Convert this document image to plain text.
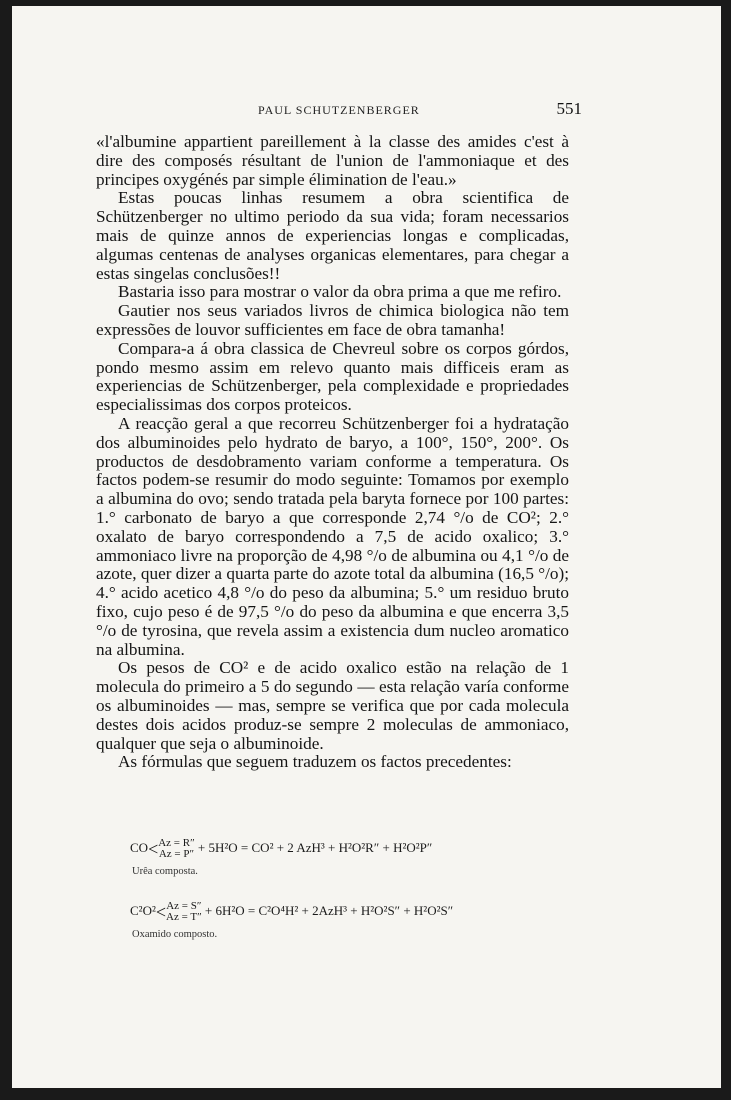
PAUL SCHUTZENBERGER	551

«l'albumine appartient pareillement à la classe des amides c'est à dire des composés résultant de l'union de l'ammoniaque et des principes oxygénés par simple élimination de l'eau.»

Estas poucas linhas resumem a obra scientifica de Schützenberger no ultimo periodo da sua vida; foram necessarios mais de quinze annos de experiencias longas e complicadas, algumas centenas de analyses organicas elementares, para chegar a estas singelas conclusões!!

Bastaria isso para mostrar o valor da obra prima a que me refiro.

Gautier nos seus variados livros de chimica biologica não tem expressões de louvor sufficientes em face de obra tamanha!

Compara-a á obra classica de Chevreul sobre os corpos górdos, pondo mesmo assim em relevo quanto mais difficeis eram as experiencias de Schützenberger, pela complexidade e propriedades especialissimas dos corpos proteicos.

A reacção geral a que recorreu Schützenberger foi a hydratação dos albuminoides pelo hydrato de baryo, a 100°, 150°, 200°. Os productos de desdobramento variam conforme a temperatura. Os factos podem-se resumir do modo seguinte: Tomamos por exemplo a albumina do ovo; sendo tratada pela baryta fornece por 100 partes: 1.° carbonato de baryo a que corresponde 2,74 °/o de CO²; 2.° oxalato de baryo correspondendo a 7,5 de acido oxalico; 3.° ammoniaco livre na proporção de 4,98 °/o de albumina ou 4,1 °/o de azote, quer dizer a quarta parte do azote total da albumina (16,5 °/o); 4.° acido acetico 4,8 °/o do peso da albumina; 5.° um residuo bruto fixo, cujo peso é de 97,5 °/o do peso da albumina e que encerra 3,5 °/o de tyrosina, que revela assim a existencia dum nucleo aromatico na albumina.

Os pesos de CO² e de acido oxalico estão na relação de 1 molecula do primeiro a 5 do segundo — esta relação varía conforme os albuminoides — mas, sempre se verifica que por cada molecula destes dois acidos produz-se sempre 2 moleculas de ammoniaco, qualquer que seja o albuminoide.

As fórmulas que seguem traduzem os factos precedentes:

CO<Az = R″
Az = P″ + 5H²O = CO² + 2 AzH³ + H²O²R″ + H²O²P″
Urêa composta.
C²O²<Az = S″
Az = T″ + 6H²O = C²O⁴H² + 2AzH³ + H²O²S″ + H²O²S″
Oxamido composto.
